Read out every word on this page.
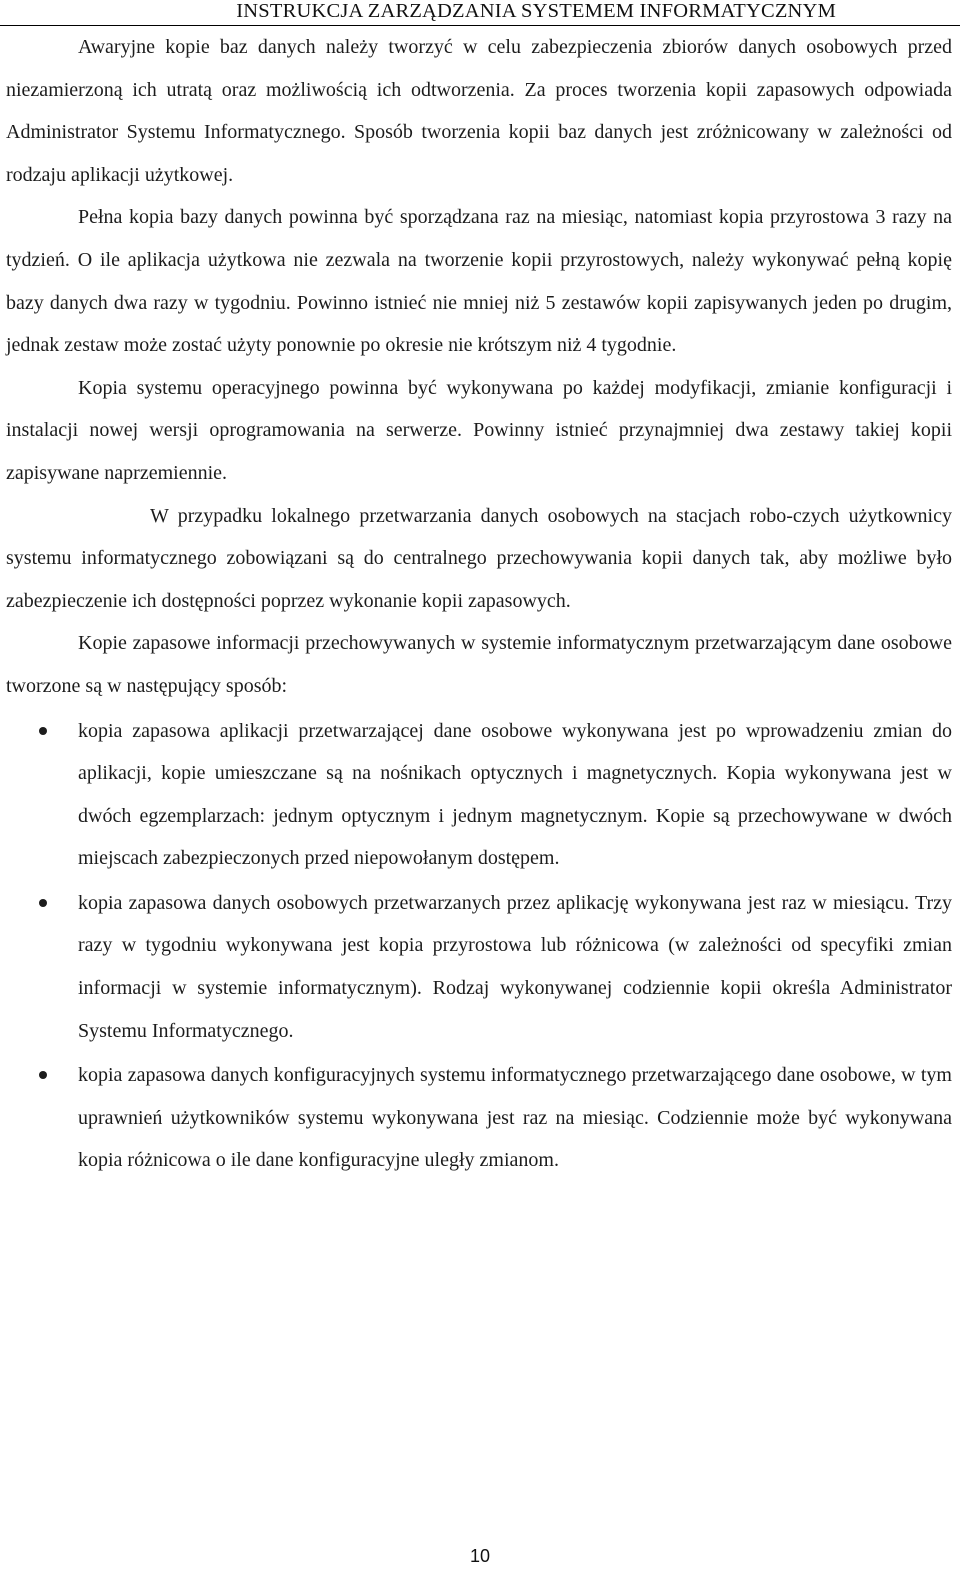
INSTRUKCJA ZARZĄDZANIA SYSTEMEM INFORMATYCZNYM

Awaryjne kopie baz danych należy tworzyć w celu zabezpieczenia zbiorów danych osobowych przed niezamierzoną ich utratą oraz możliwością ich odtworzenia. Za proces tworzenia kopii zapasowych odpowiada Administrator Systemu Informatycznego. Sposób tworzenia kopii baz danych jest zróżnicowany w zależności od rodzaju aplikacji użytkowej.

Pełna kopia bazy danych powinna być sporządzana raz na miesiąc, natomiast kopia przyrostowa 3 razy na tydzień. O ile aplikacja użytkowa nie zezwala na tworzenie kopii przyrostowych, należy wykonywać pełną kopię bazy danych dwa razy w tygodniu. Powinno istnieć nie mniej niż 5 zestawów kopii zapisywanych jeden po drugim, jednak zestaw może zostać użyty ponownie po okresie nie krótszym niż 4 tygodnie.

Kopia systemu operacyjnego powinna być wykonywana po każdej modyfikacji, zmianie konfiguracji i instalacji nowej wersji oprogramowania na serwerze. Powinny istnieć przynajmniej dwa zestawy takiej kopii zapisywane naprzemiennie.

W przypadku lokalnego przetwarzania danych osobowych na stacjach robo-czych użytkownicy systemu informatycznego zobowiązani są do centralnego przechowywania kopii danych tak, aby możliwe było zabezpieczenie ich dostępności poprzez wykonanie kopii zapasowych.

Kopie zapasowe informacji przechowywanych w systemie informatycznym przetwarzającym dane osobowe tworzone są w następujący sposób:

kopia zapasowa aplikacji przetwarzającej dane osobowe wykonywana jest po wprowadzeniu zmian do aplikacji, kopie umieszczane są na nośnikach optycznych i magnetycznych. Kopia wykonywana jest w dwóch egzemplarzach: jednym optycznym i jednym magnetycznym. Kopie są przechowywane w dwóch miejscach zabezpieczonych przed niepowołanym dostępem.
kopia zapasowa danych osobowych przetwarzanych przez aplikację wykonywana jest raz w miesiącu. Trzy razy w tygodniu wykonywana jest kopia przyrostowa lub różnicowa (w zależności od specyfiki zmian informacji w systemie informatycznym). Rodzaj wykonywanej codziennie kopii określa Administrator Systemu Informatycznego.
kopia zapasowa danych konfiguracyjnych systemu informatycznego przetwarzającego dane osobowe, w tym uprawnień użytkowników systemu wykonywana jest raz na miesiąc. Codziennie może być wykonywana kopia różnicowa o ile dane konfiguracyjne uległy zmianom.
10
